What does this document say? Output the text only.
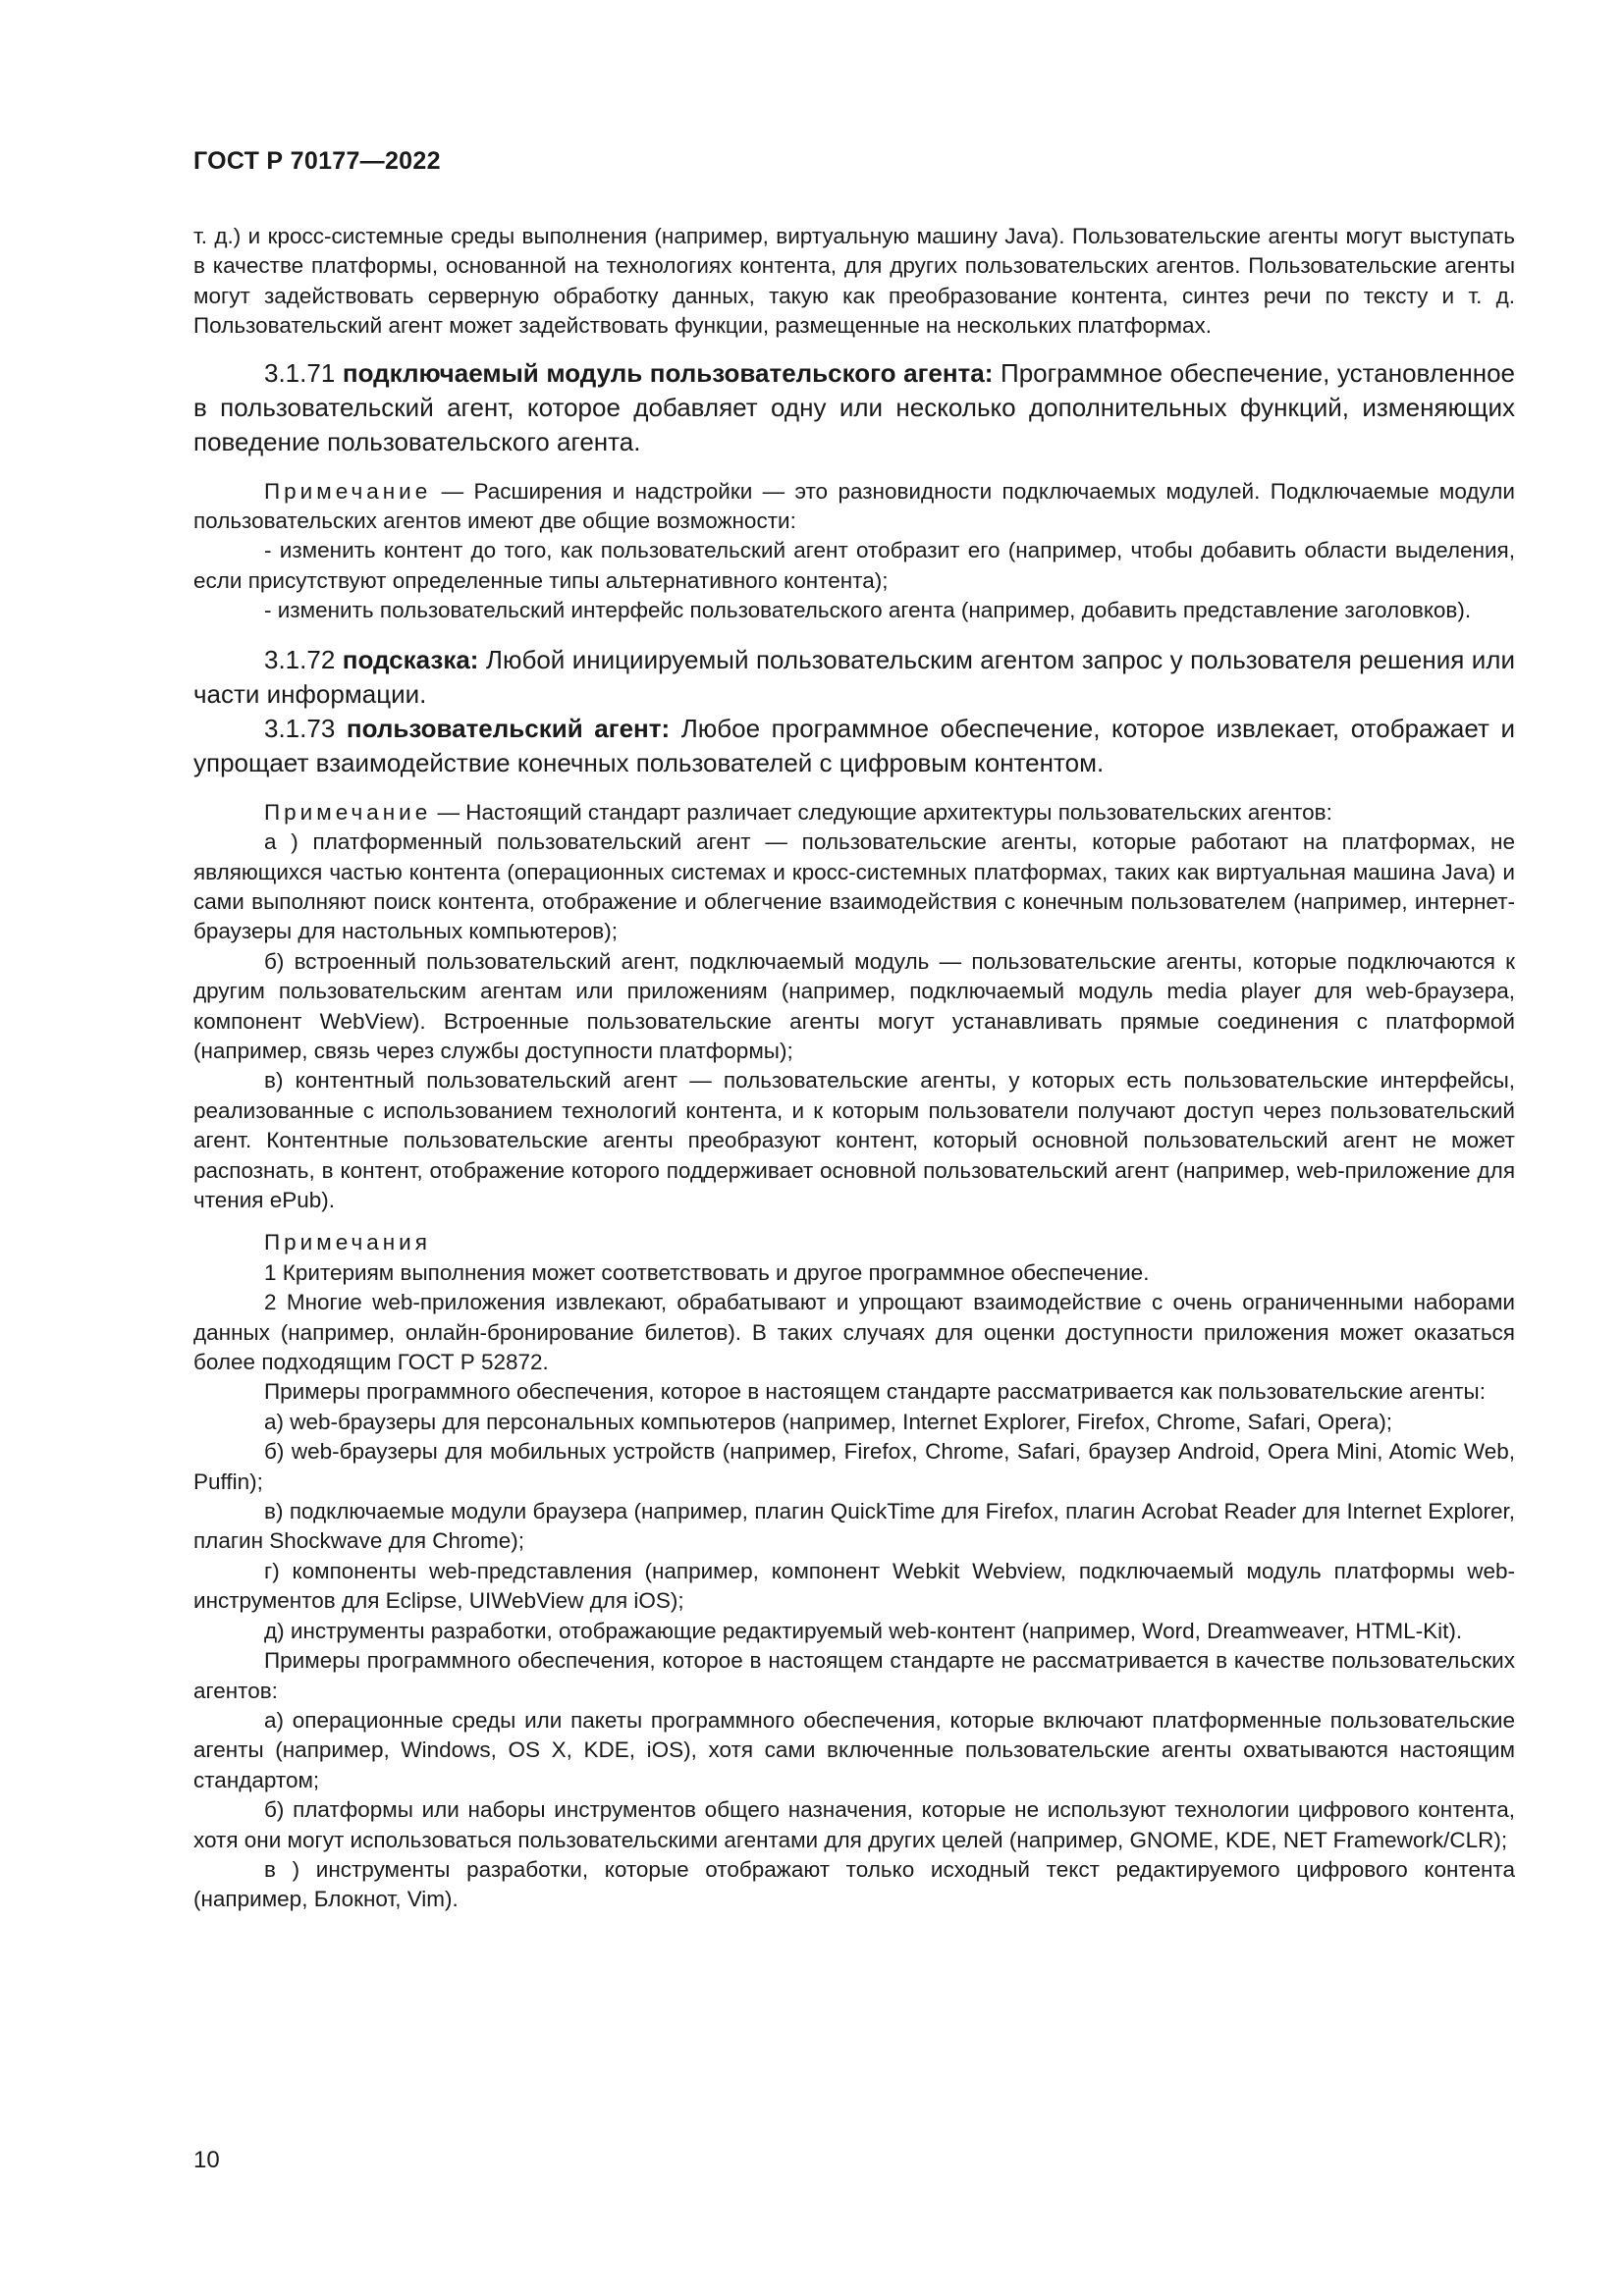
ГОСТ Р 70177—2022

т. д.) и кросс-системные среды выполнения (например, виртуальную машину Java). Пользовательские агенты могут выступать в качестве платформы, основанной на технологиях контента, для других пользовательских агентов. Пользовательские агенты могут задействовать серверную обработку данных, такую как преобразование контента, синтез речи по тексту и т. д. Пользовательский агент может задействовать функции, размещенные на нескольких платформах.

3.1.71 подключаемый модуль пользовательского агента: Программное обеспечение, установленное в пользовательский агент, которое добавляет одну или несколько дополнительных функций, изменяющих поведение пользовательского агента.

Примечание — Расширения и надстройки — это разновидности подключаемых модулей. Подключаемые модули пользовательских агентов имеют две общие возможности:

- изменить контент до того, как пользовательский агент отобразит его (например, чтобы добавить области выделения, если присутствуют определенные типы альтернативного контента);

- изменить пользовательский интерфейс пользовательского агента (например, добавить представление заголовков).

3.1.72 подсказка: Любой инициируемый пользовательским агентом запрос у пользователя решения или части информации.

3.1.73 пользовательский агент: Любое программное обеспечение, которое извлекает, отображает и упрощает взаимодействие конечных пользователей с цифровым контентом.

Примечание — Настоящий стандарт различает следующие архитектуры пользовательских агентов:

а ) платформенный пользовательский агент — пользовательские агенты, которые работают на платформах, не являющихся частью контента (операционных системах и кросс-системных платформах, таких как виртуальная машина Java) и сами выполняют поиск контента, отображение и облегчение взаимодействия с конечным пользователем (например, интернет-браузеры для настольных компьютеров);

б) встроенный пользовательский агент, подключаемый модуль — пользовательские агенты, которые подключаются к другим пользовательским агентам или приложениям (например, подключаемый модуль media player для web-браузера, компонент WebView). Встроенные пользовательские агенты могут устанавливать прямые соединения с платформой (например, связь через службы доступности платформы);

в) контентный пользовательский агент — пользовательские агенты, у которых есть пользовательские интерфейсы, реализованные с использованием технологий контента, и к которым пользователи получают доступ через пользовательский агент. Контентные пользовательские агенты преобразуют контент, который основной пользовательский агент не может распознать, в контент, отображение которого поддерживает основной пользовательский агент (например, web-приложение для чтения ePub).

Примечания

1 Критериям выполнения может соответствовать и другое программное обеспечение.

2 Многие web-приложения извлекают, обрабатывают и упрощают взаимодействие с очень ограниченными наборами данных (например, онлайн-бронирование билетов). В таких случаях для оценки доступности приложения может оказаться более подходящим ГОСТ Р 52872.

Примеры программного обеспечения, которое в настоящем стандарте рассматривается как пользовательские агенты:

а) web-браузеры для персональных компьютеров (например, Internet Explorer, Firefox, Chrome, Safari, Opera);

б) web-браузеры для мобильных устройств (например, Firefox, Chrome, Safari, браузер Android, Opera Mini, Atomic Web, Puffin);

в) подключаемые модули браузера (например, плагин QuickTime для Firefox, плагин Acrobat Reader для Internet Explorer, плагин Shockwave для Chrome);

г) компоненты web-представления (например, компонент Webkit Webview, подключаемый модуль платформы web-инструментов для Eclipse, UIWebView для iOS);

д) инструменты разработки, отображающие редактируемый web-контент (например, Word, Dreamweaver, HTML-Kit).

Примеры программного обеспечения, которое в настоящем стандарте не рассматривается в качестве пользовательских агентов:

а) операционные среды или пакеты программного обеспечения, которые включают платформенные пользовательские агенты (например, Windows, OS X, KDE, iOS), хотя сами включенные пользовательские агенты охватываются настоящим стандартом;

б) платформы или наборы инструментов общего назначения, которые не используют технологии цифрового контента, хотя они могут использоваться пользовательскими агентами для других целей (например, GNOME, KDE, NET Framework/CLR);

в ) инструменты разработки, которые отображают только исходный текст редактируемого цифрового контента (например, Блокнот, Vim).

10
